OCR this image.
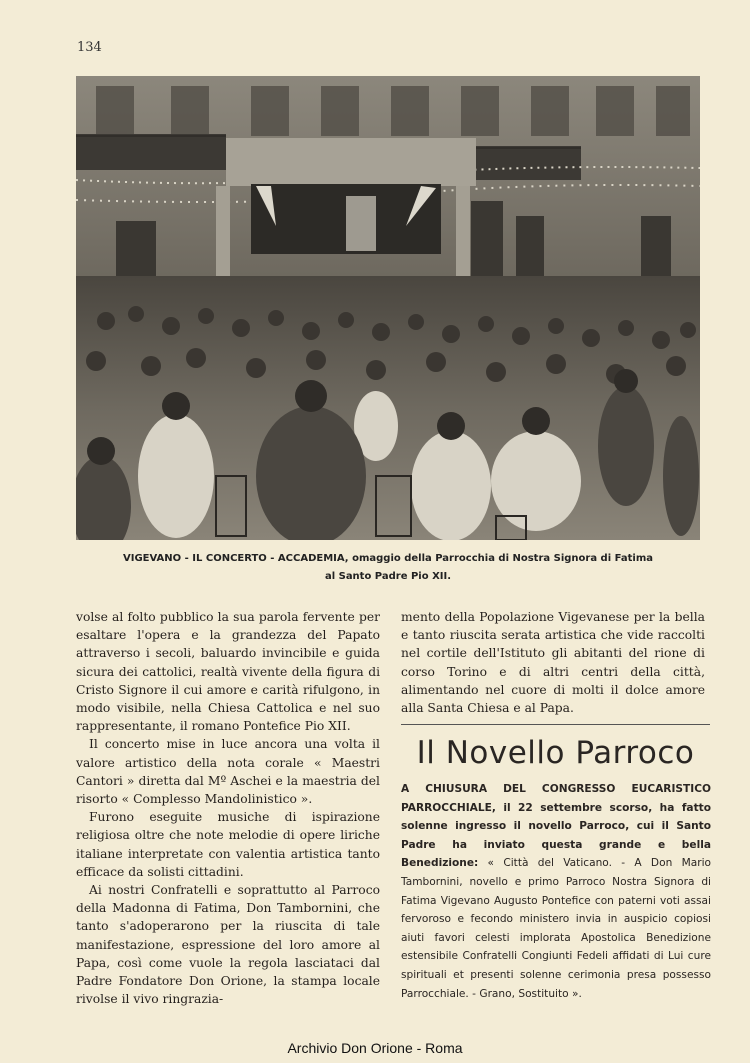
134
VIGEVANO - IL CONCERTO - ACCADEMIA, omaggio della Parrocchia di Nostra Signora di Fatima
al Santo Padre Pio XII.

volse al folto pubblico la sua parola fervente per esaltare l'opera e la grandezza del Papato attraverso i secoli, baluardo invincibile e guida sicura dei cattolici, realtà vivente della figura di Cristo Signore il cui amore e carità rifulgono, in modo visibile, nella Chiesa Cattolica e nel suo rappresentante, il romano Pontefice Pio XII.

Il concerto mise in luce ancora una volta il valore artistico della nota corale « Maestri Cantori » diretta dal Mº Aschei e la maestria del risorto « Complesso Mandolinistico ».

Furono eseguite musiche di ispirazione religiosa oltre che note melodie di opere liriche italiane interpretate con valentia artistica tanto efficace da solisti cittadini.

Ai nostri Confratelli e soprattutto al Parroco della Madonna di Fatima, Don Tambornini, che tanto s'adoperarono per la riuscita di tale manifestazione, espressione del loro amore al Papa, così come vuole la regola lasciataci dal Padre Fondatore Don Orione, la stampa locale rivolse il vivo ringrazia-

mento della Popolazione Vigevanese per la bella e tanto riuscita serata artistica che vide raccolti nel cortile dell'Istituto gli abitanti del rione di corso Torino e di altri centri della città, alimentando nel cuore di molti il dolce amore alla Santa Chiesa e al Papa.

Il Novello Parroco

A CHIUSURA DEL CONGRESSO EUCARISTICO PARROCCHIALE, il 22 settembre scorso, ha fatto solenne ingresso il novello Parroco, cui il Santo Padre ha inviato questa grande e bella Benedizione: « Città del Vaticano. - A Don Mario Tambornini, novello e primo Parroco Nostra Signora di Fatima Vigevano Augusto Pontefice con paterni voti assai fervoroso e fecondo ministero invia in auspicio copiosi aiuti favori celesti implorata Apostolica Benedizione estensibile Confratelli Congiunti Fedeli affidati di Lui cure spirituali et presenti solenne cerimonia presa possesso Parrocchiale. - Grano, Sostituito ».

Archivio Don Orione - Roma
